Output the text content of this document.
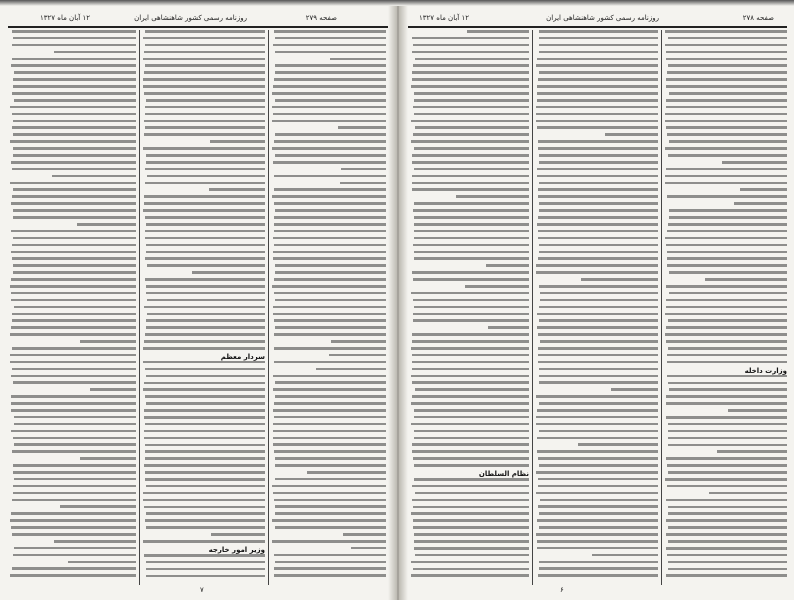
صفحه ۲۷۹
روزنامه رسمی کشور شاهنشاهی ایران
۱۲ آبان ماه ۱۳۲۷
سردار معظم
وزیر امور خارجه
۷
صفحه ۲۷۸
روزنامه رسمی کشور شاهنشاهی ایران
۱۲ آبان ماه ۱۳۲۷
نظام السلطان
وزارت داخله
۶
